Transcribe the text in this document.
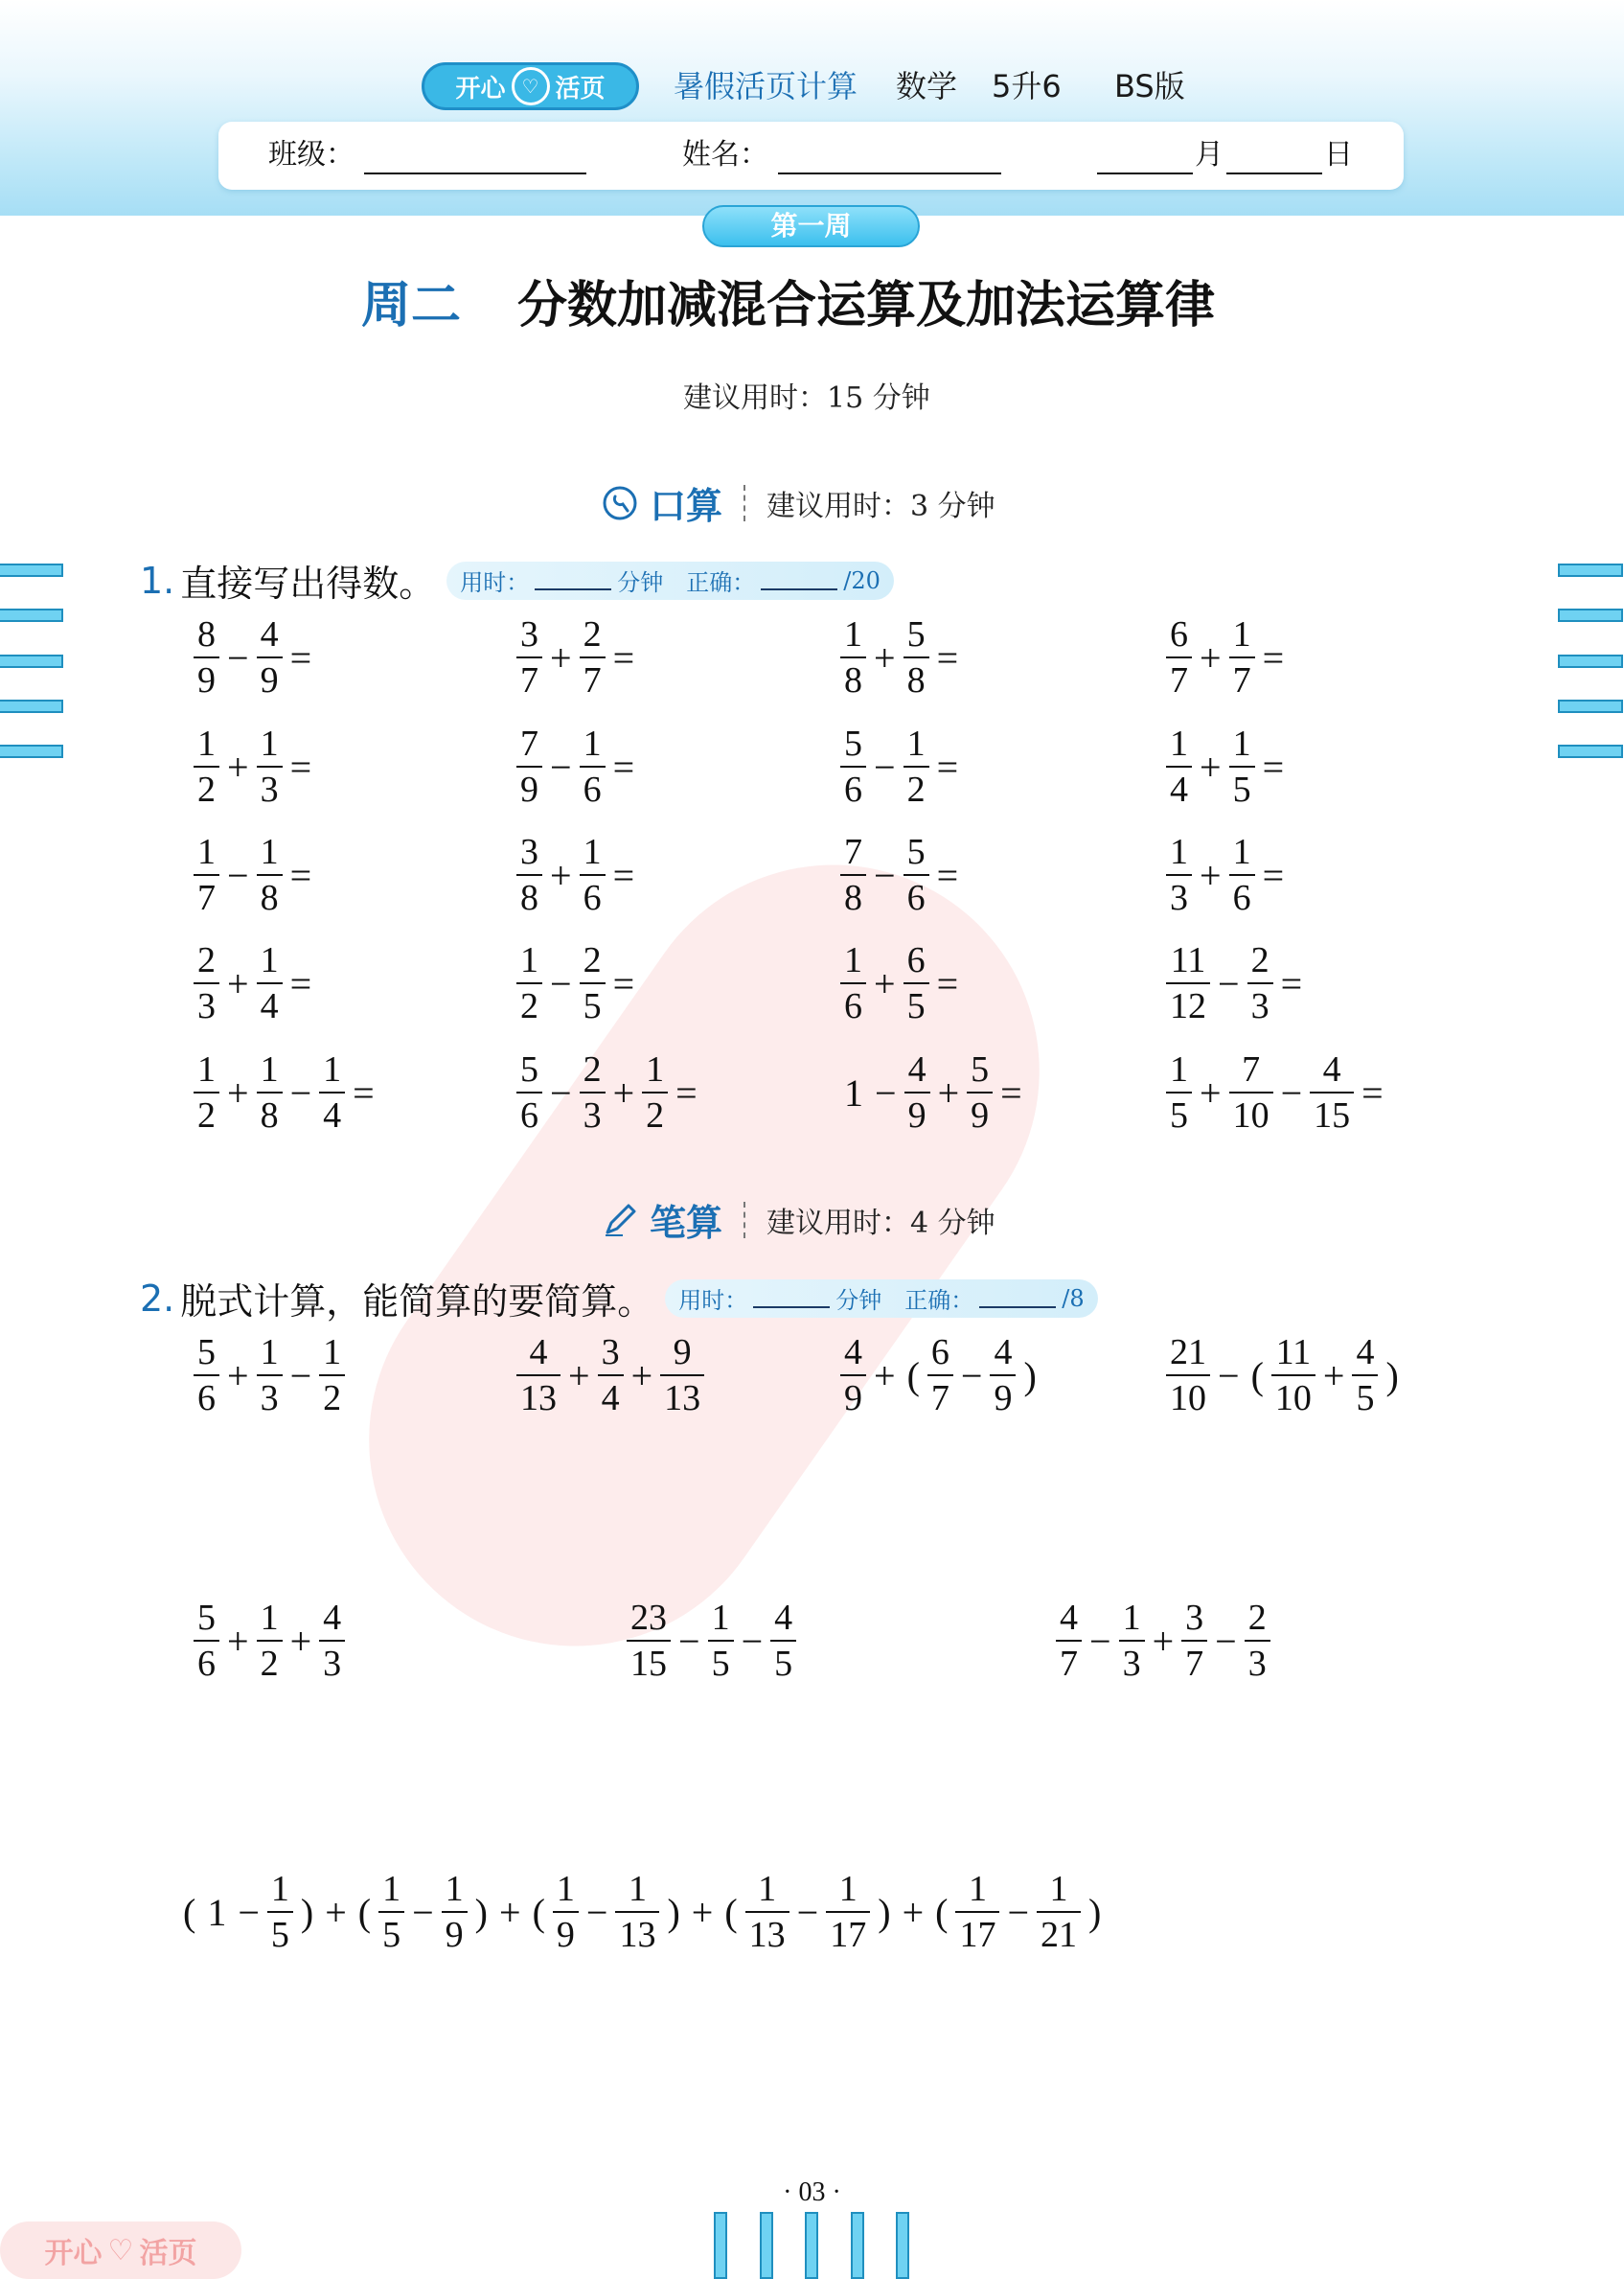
开心 ♡ 活页 暑假活页计算 数学 5升6 BS版
班级：	姓名：	月	日
第一周
周二 分数加减混合运算及加法运算律
建议用时：15 分钟
口算 建议用时：3 分钟
1. 直接写出得数。 用时：	分钟 正确：	/20
笔算 建议用时：4 分钟
2. 脱式计算，能简算的要简算。 用时：	分钟 正确：	/8
· 03 ·
开心 ♡ 活页
$\frac{8}{9} - \frac{4}{9}$ =	$\frac{3}{7} + \frac{2}{7}$ =	$\frac{1}{8} + \frac{5}{8}$ =	$\frac{6}{7} + \frac{1}{7}$ =
$\frac{1}{2} + \frac{1}{3}$ =	$\frac{7}{9} - \frac{1}{6}$ =	$\frac{5}{6} - \frac{1}{2}$ =	$\frac{1}{4} + \frac{1}{5}$ =
$\frac{1}{7} - \frac{1}{8}$ =	$\frac{3}{8} + \frac{1}{6}$ =	$\frac{7}{8} - \frac{5}{6}$ =	$\frac{1}{3} + \frac{1}{6}$ =
$\frac{2}{3} + \frac{1}{4}$ =	$\frac{1}{2} - \frac{2}{5}$ =	$\frac{1}{6} + \frac{6}{5}$ =	$\frac{11}{12} - \frac{2}{3}$ =
$\frac{1}{2} + \frac{1}{8} - \frac{1}{4}$ =	$\frac{5}{6} - \frac{2}{3} + \frac{1}{2}$ =	$1 - \frac{4}{9} + \frac{5}{9}$ =	$\frac{1}{5} + \frac{7}{10} - \frac{4}{15}$ =
$\frac{5}{6} + \frac{1}{3} - \frac{1}{2}$	$\frac{4}{13} + \frac{3}{4} + \frac{9}{13}$	$\frac{4}{9}$ + ( $\frac{6}{7} - \frac{4}{9}$ )	$\frac{21}{10}$ − ( $\frac{11}{10} + \frac{4}{5}$ )
$\frac{5}{6} + \frac{1}{2} + \frac{4}{3}$	$\frac{23}{15} - \frac{1}{5} - \frac{4}{5}$	$\frac{4}{7} - \frac{1}{3} + \frac{3}{7} - \frac{2}{3}$
( $1 - \frac{1}{5}$ ) + ( $\frac{1}{5} - \frac{1}{9}$ ) + ( $\frac{1}{9} - \frac{1}{13}$ ) + ( $\frac{1}{13} - \frac{1}{17}$ ) + ( $\frac{1}{17} - \frac{1}{21}$ )
